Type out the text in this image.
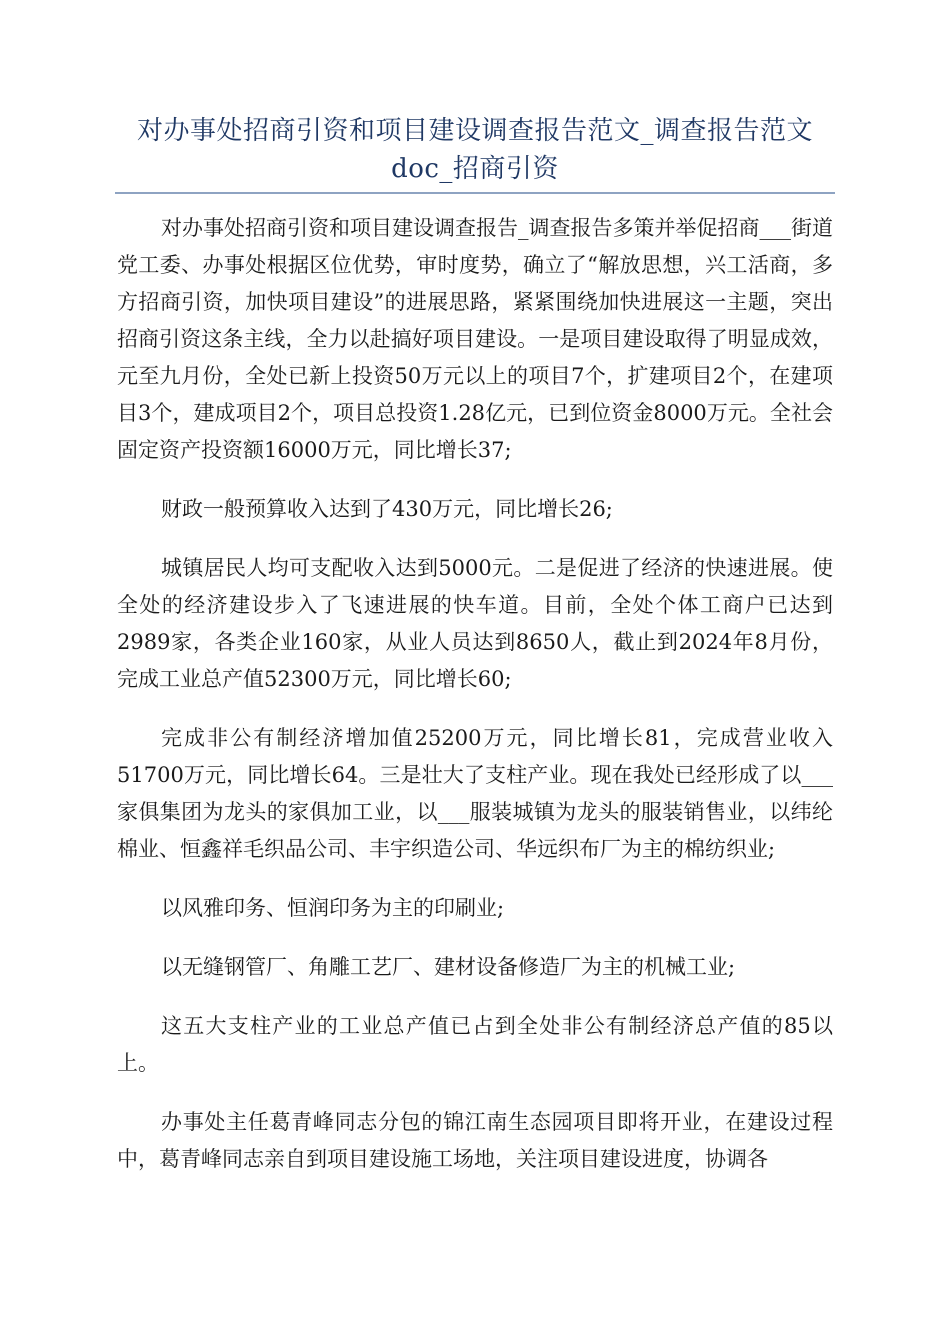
对办事处招商引资和项目建设调查报告范文_调查报告范文doc_招商引资

对办事处招商引资和项目建设调查报告_调查报告多策并举促招商___街道党工委、办事处根据区位优势，审时度势，确立了“解放思想，兴工活商，多方招商引资，加快项目建设”的进展思路，紧紧围绕加快进展这一主题，突出招商引资这条主线，全力以赴搞好项目建设。一是项目建设取得了明显成效，元至九月份，全处已新上投资50万元以上的项目7个，扩建项目2个，在建项目3个，建成项目2个，项目总投资1.28亿元，已到位资金8000万元。全社会固定资产投资额16000万元，同比增长37;

财政一般预算收入达到了430万元，同比增长26;

城镇居民人均可支配收入达到5000元。二是促进了经济的快速进展。使全处的经济建设步入了飞速进展的快车道。目前，全处个体工商户已达到2989家，各类企业160家，从业人员达到8650人，截止到2024年8月份，完成工业总产值52300万元，同比增长60;

完成非公有制经济增加值25200万元，同比增长81，完成营业收入51700万元，同比增长64。三是壮大了支柱产业。现在我处已经形成了以___家俱集团为龙头的家俱加工业，以___服装城镇为龙头的服装销售业，以纬纶棉业、恒鑫祥毛织品公司、丰宇织造公司、华远织布厂为主的棉纺织业;

以风雅印务、恒润印务为主的印刷业;

以无缝钢管厂、角雕工艺厂、建材设备修造厂为主的机械工业;

这五大支柱产业的工业总产值已占到全处非公有制经济总产值的85以上。

办事处主任葛青峰同志分包的锦江南生态园项目即将开业，在建设过程中，葛青峰同志亲自到项目建设施工场地，关注项目建设进度，协调各
